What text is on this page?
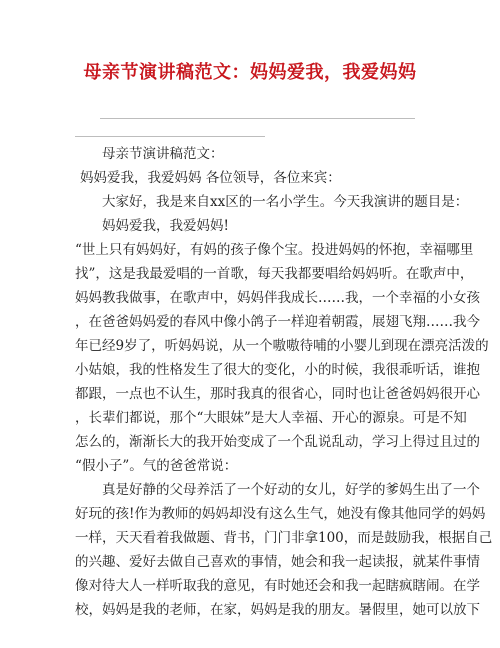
母亲节演讲稿范文：妈妈爱我，我爱妈妈
母亲节演讲稿范文：
妈妈爱我，我爱妈妈 各位领导，各位来宾：
大家好，我是来自xx区的一名小学生。今天我演讲的题目是：
妈妈爱我，我爱妈妈!
“世上只有妈妈好，有妈的孩子像个宝。投进妈妈的怀抱，幸福哪里
找”，这是我最爱唱的一首歌，每天我都要唱给妈妈听。在歌声中，
妈妈教我做事，在歌声中，妈妈伴我成长……我，一个幸福的小女孩
，在爸爸妈妈爱的春风中像小鸽子一样迎着朝霞，展翅飞翔……我今
年已经9岁了，听妈妈说，从一个嗷嗷待哺的小婴儿到现在漂亮活泼的
小姑娘，我的性格发生了很大的变化，小的时候，我很乖听话，谁抱
都跟，一点也不认生，那时我真的很省心，同时也让爸爸妈妈很开心
，长辈们都说，那个“大眼妹”是大人幸福、开心的源泉。可是不知
怎么的，渐渐长大的我开始变成了一个乱说乱动，学习上得过且过的
“假小子”。气的爸爸常说：
真是好静的父母养活了一个好动的女儿，好学的爹妈生出了一个
好玩的孩!作为教师的妈妈却没有这么生气，她没有像其他同学的妈妈
一样，天天看着我做题、背书，门门非拿100，而是鼓励我，根据自己
的兴趣、爱好去做自己喜欢的事情，她会和我一起读报，就某件事情
像对待大人一样听取我的意见，有时她还会和我一起瞎疯瞎闹。在学
校，妈妈是我的老师，在家，妈妈是我的朋友。暑假里，她可以放下
